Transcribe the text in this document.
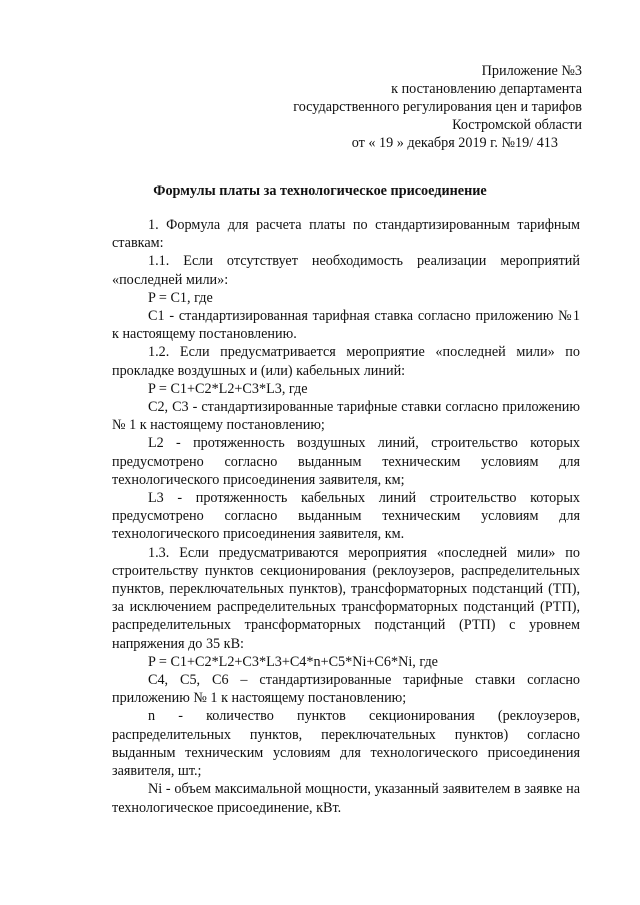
Приложение №3
к постановлению департамента
государственного регулирования цен и тарифов
Костромской области
от « 19 » декабря 2019 г. №19/ 413
Формулы платы за технологическое присоединение

1. Формула для расчета платы по стандартизированным тарифным ставкам:

1.1. Если отсутствует необходимость реализации мероприятий «последней мили»:

P = C1, где

C1 - стандартизированная тарифная ставка согласно приложению №1 к настоящему постановлению.

1.2. Если предусматривается мероприятие «последней мили» по прокладке воздушных и (или) кабельных линий:

P = C1+C2*L2+C3*L3, где

C2, C3 - стандартизированные тарифные ставки согласно приложению № 1 к настоящему постановлению;

L2 - протяженность воздушных линий, строительство которых предусмотрено согласно выданным техническим условиям для технологического присоединения заявителя, км;

L3 - протяженность кабельных линий строительство которых предусмотрено согласно выданным техническим условиям для технологического присоединения заявителя, км.

1.3. Если предусматриваются мероприятия «последней мили» по строительству пунктов секционирования (реклоузеров, распределительных пунктов, переключательных пунктов), трансформаторных подстанций (ТП), за исключением распределительных трансформаторных подстанций (РТП), распределительных трансформаторных подстанций (РТП) с уровнем напряжения до 35 кВ:

P = C1+C2*L2+C3*L3+C4*n+C5*Ni+C6*Ni, где

C4, C5, C6 – стандартизированные тарифные ставки согласно приложению № 1 к настоящему постановлению;

n - количество пунктов секционирования (реклоузеров, распределительных пунктов, переключательных пунктов) согласно выданным техническим условиям для технологического присоединения заявителя, шт.;

Ni - объем максимальной мощности, указанный заявителем в заявке на технологическое присоединение, кВт.
